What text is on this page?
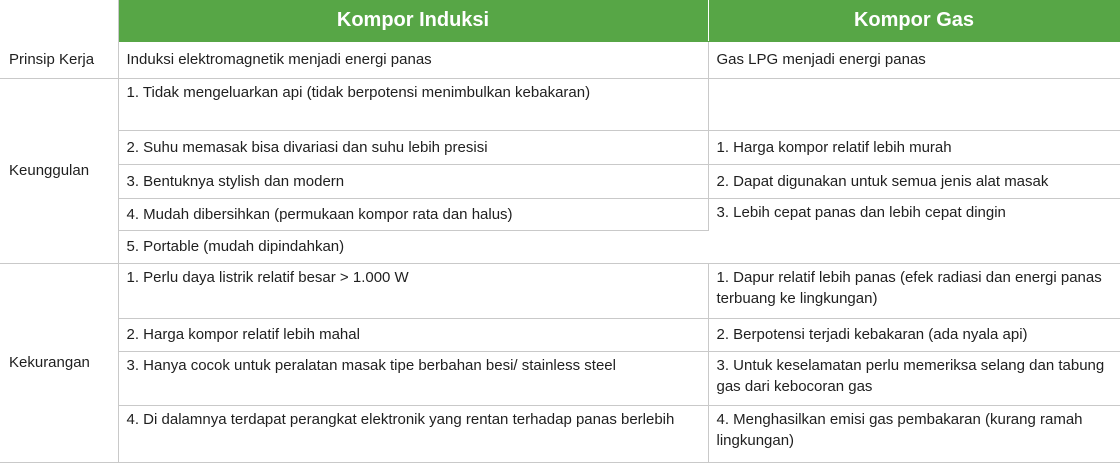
	Kompor Induksi	Kompor Gas
Prinsip Kerja	Induksi elektromagnetik menjadi energi panas	Gas LPG menjadi energi panas
Keunggulan	1. Tidak mengeluarkan api (tidak berpotensi menimbulkan kebakaran)	
	2. Suhu memasak bisa divariasi dan suhu lebih presisi	1. Harga kompor relatif lebih murah
	3. Bentuknya stylish dan modern	2. Dapat digunakan untuk semua jenis alat masak
	4. Mudah dibersihkan (permukaan kompor rata dan halus)	3. Lebih cepat panas dan lebih cepat dingin
	5. Portable (mudah dipindahkan)	
Kekurangan	1. Perlu daya listrik relatif besar > 1.000 W	1. Dapur relatif lebih panas (efek radiasi dan energi panas terbuang ke lingkungan)
	2. Harga kompor relatif lebih mahal	2. Berpotensi terjadi kebakaran (ada nyala api)
	3. Hanya cocok untuk peralatan masak tipe berbahan besi/ stainless steel	3. Untuk keselamatan perlu memeriksa selang dan tabung gas dari kebocoran gas
	4. Di dalamnya terdapat perangkat elektronik yang rentan terhadap panas berlebih	4. Menghasilkan emisi gas pembakaran (kurang ramah lingkungan)
